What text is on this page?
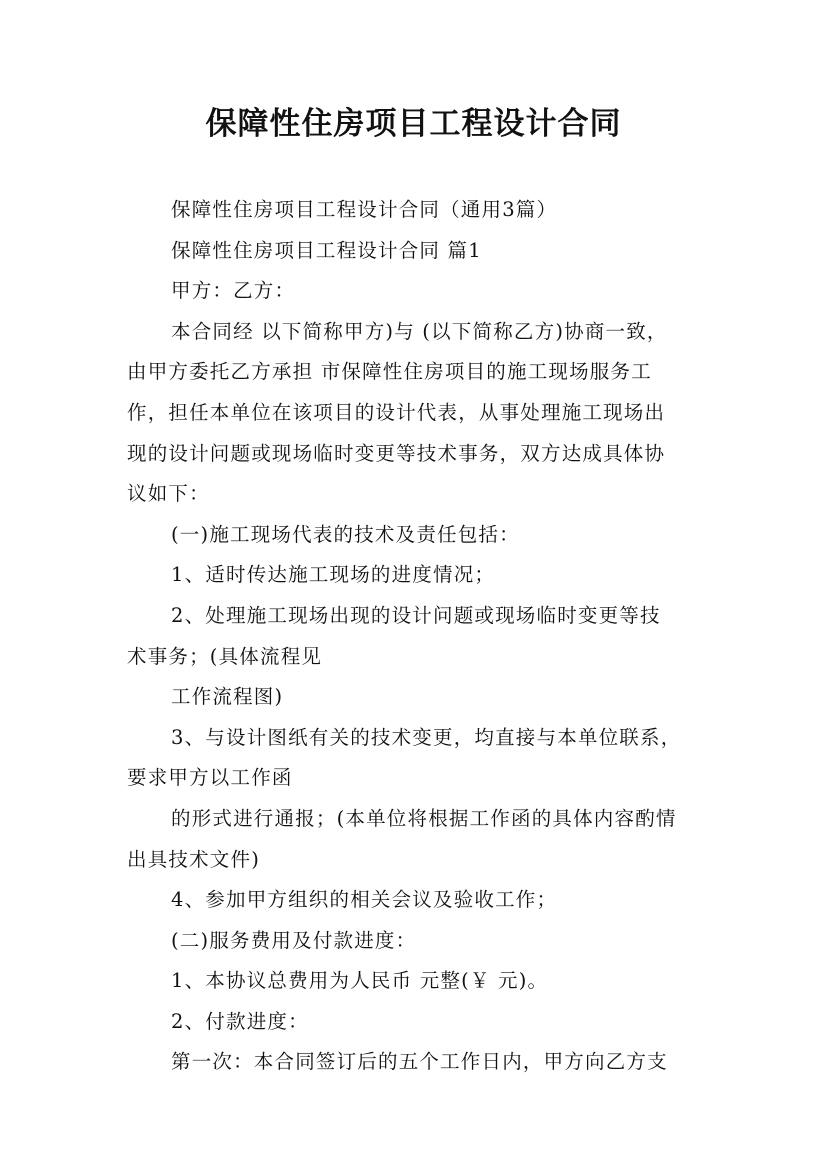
保障性住房项目工程设计合同

保障性住房项目工程设计合同（通用3篇）

保障性住房项目工程设计合同 篇1

甲方：乙方：

本合同经 以下简称甲方)与 (以下简称乙方)协商一致，

由甲方委托乙方承担 市保障性住房项目的施工现场服务工

作，担任本单位在该项目的设计代表，从事处理施工现场出

现的设计问题或现场临时变更等技术事务，双方达成具体协

议如下：

(一)施工现场代表的技术及责任包括：

1、适时传达施工现场的进度情况；

2、处理施工现场出现的设计问题或现场临时变更等技

术事务；(具体流程见

工作流程图)

3、与设计图纸有关的技术变更，均直接与本单位联系，

要求甲方以工作函

的形式进行通报；(本单位将根据工作函的具体内容酌情

出具技术文件)

4、参加甲方组织的相关会议及验收工作；

(二)服务费用及付款进度：

1、本协议总费用为人民币 元整(￥ 元)。

2、付款进度：

第一次：本合同签订后的五个工作日内，甲方向乙方支
